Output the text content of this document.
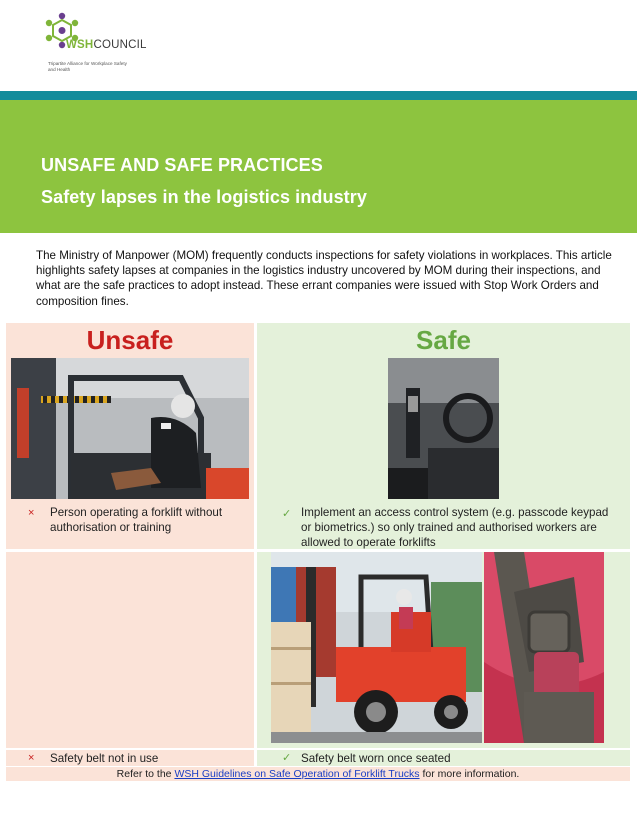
WSHCOUNCIL
Tripartite Alliance for Workplace Safety and Health
UNSAFE AND SAFE PRACTICES
Safety lapses in the logistics industry
The Ministry of Manpower (MOM) frequently conducts inspections for safety violations in workplaces. This article highlights safety lapses at companies in the logistics industry uncovered by MOM during their inspections, and what are the safe practices to adopt instead. These errant companies were issued with Stop Work Orders and composition fines.
Unsafe	Safe
× Person operating a forklift without authorisation or training
✓ Implement an access control system (e.g. passcode keypad or biometrics.) so only trained and authorised workers are allowed to operate forklifts
× Safety belt not in use	✓ Safety belt worn once seated
Refer to the WSH Guidelines on Safe Operation of Forklift Trucks for more information.
